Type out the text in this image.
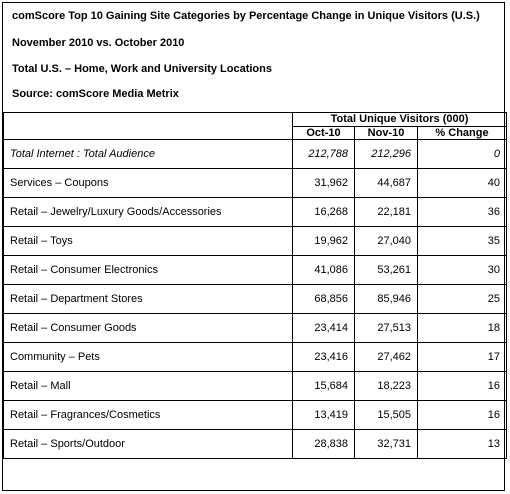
comScore Top 10 Gaining Site Categories by Percentage Change in Unique Visitors (U.S.)
November 2010 vs. October 2010
Total U.S. – Home, Work and University Locations
Source: comScore Media Metrix
	Total Unique Visitors (000)		
	Oct-10	Nov-10	% Change
Total Internet : Total Audience	212,788	212,296	0
Services – Coupons	31,962	44,687	40
Retail – Jewelry/Luxury Goods/Accessories	16,268	22,181	36
Retail – Toys	19,962	27,040	35
Retail – Consumer Electronics	41,086	53,261	30
Retail – Department Stores	68,856	85,946	25
Retail – Consumer Goods	23,414	27,513	18
Community – Pets	23,416	27,462	17
Retail – Mall	15,684	18,223	16
Retail – Fragrances/Cosmetics	13,419	15,505	16
Retail – Sports/Outdoor	28,838	32,731	13
